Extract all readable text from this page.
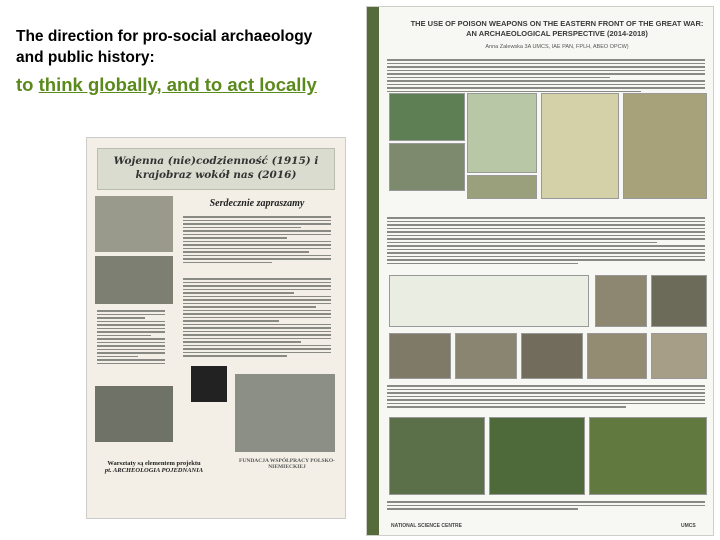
The direction for pro-social archaeology
and public history:
to think globally, and to act locally
Wojenna (nie)codzienność (1915) i
krajobraz wokół nas (2016)
Serdecznie zapraszamy
Warsztaty są elementem projektu
pt. ARCHEOLOGIA POJEDNANIA
FUNDACJA WSPÓŁPRACY POLSKO-NIEMIECKIEJ
THE USE OF POISON WEAPONS ON THE EASTERN FRONT OF THE GREAT WAR:
AN ARCHAEOLOGICAL PERSPECTIVE (2014-2018)
Anna Zalewska 3A UMCS, IAE PAN, FPLH, ABEO OPCW)
NATIONAL SCIENCE CENTRE	UMCS
